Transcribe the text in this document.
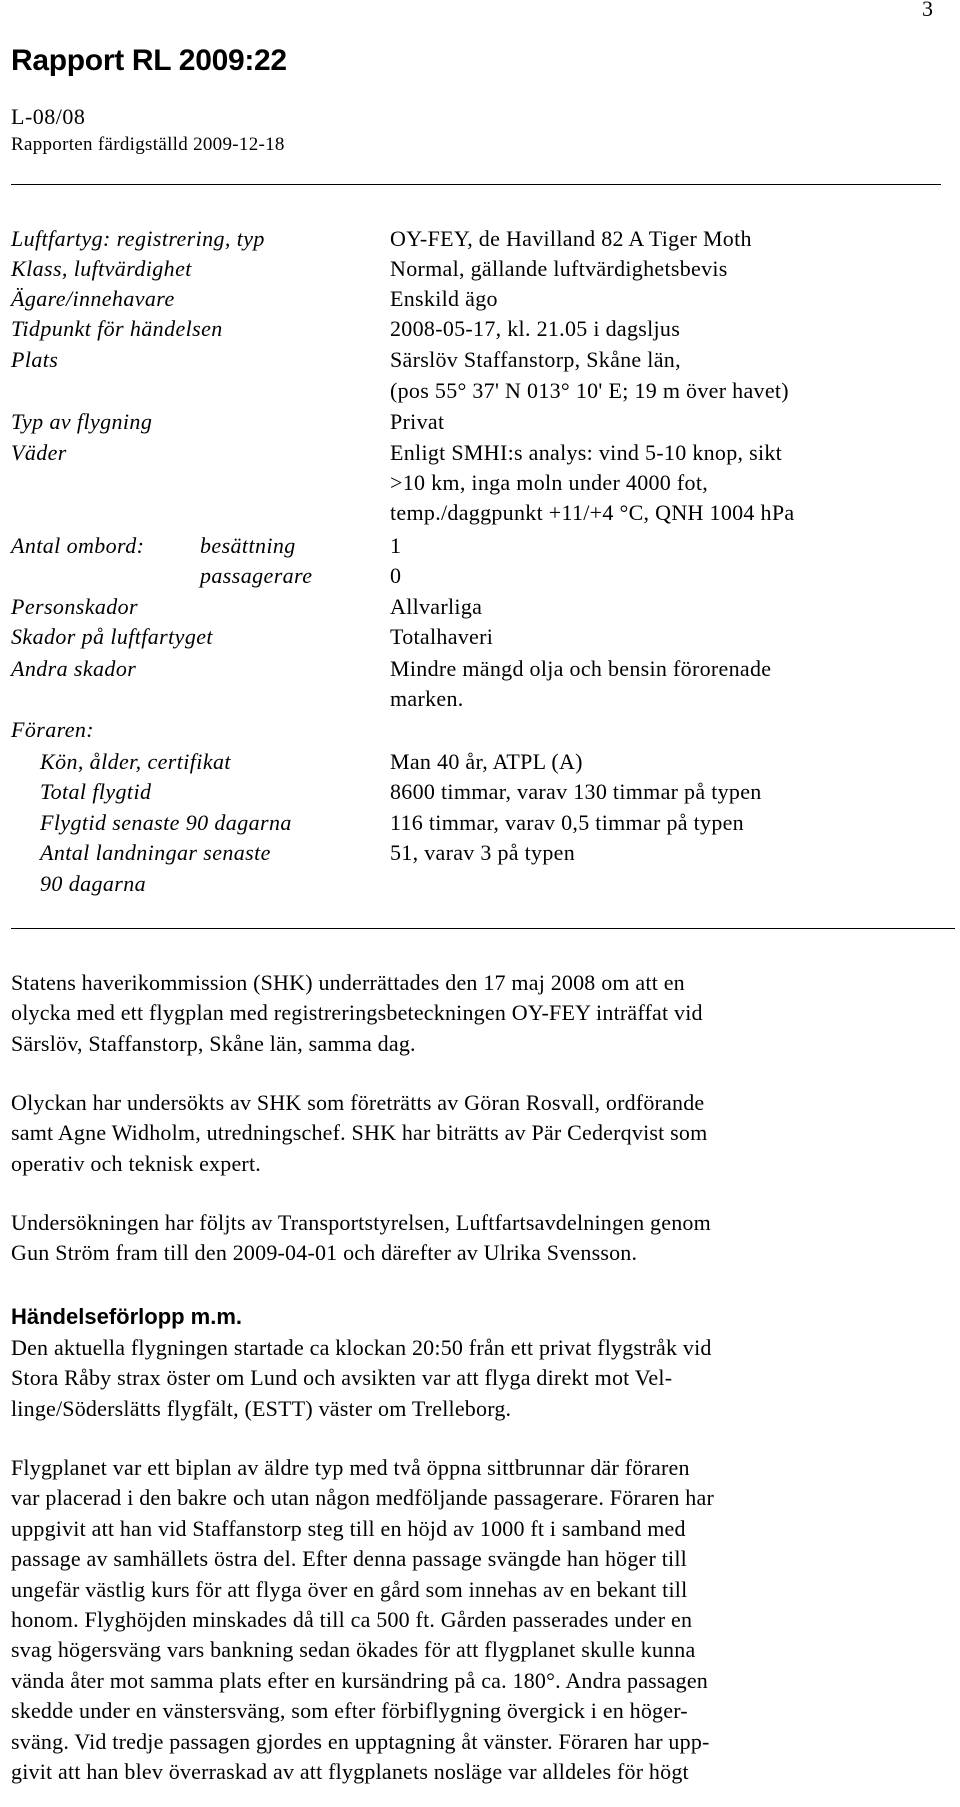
3
Rapport RL 2009:22
L-08/08
Rapporten färdigställd 2009-12-18
Luftfartyg: registrering, typ	OY-FEY, de Havilland 82 A Tiger Moth
Klass, luftvärdighet	Normal, gällande luftvärdighetsbevis
Ägare/innehavare	Enskild ägo
Tidpunkt för händelsen	2008-05-17, kl. 21.05 i dagsljus
Plats	Särslöv Staffanstorp, Skåne län,
(pos 55° 37' N 013° 10' E; 19 m över havet)
Typ av flygning	Privat
Väder	Enligt SMHI:s analys: vind 5-10 knop, sikt
>10 km, inga moln under 4000 fot,
temp./daggpunkt +11/+4 °C, QNH 1004 hPa
Antal ombord:	besättning	1
passagerare	0
Personskador	Allvarliga
Skador på luftfartyget	Totalhaveri
Andra skador	Mindre mängd olja och bensin förorenade
marken.
Föraren:
Kön, ålder, certifikat	Man 40 år, ATPL (A)
Total flygtid	8600 timmar, varav 130 timmar på typen
Flygtid senaste 90 dagarna	116 timmar, varav 0,5 timmar på typen
Antal landningar senaste	51, varav 3 på typen
90 dagarna

Statens haverikommission (SHK) underrättades den 17 maj 2008 om att en
olycka med ett flygplan med registreringsbeteckningen OY-FEY inträffat vid
Särslöv, Staffanstorp, Skåne län, samma dag.

Olyckan har undersökts av SHK som företrätts av Göran Rosvall, ordförande
samt Agne Widholm, utredningschef. SHK har biträtts av Pär Cederqvist som
operativ och teknisk expert.

Undersökningen har följts av Transportstyrelsen, Luftfartsavdelningen genom
Gun Ström fram till den 2009-04-01 och därefter av Ulrika Svensson.

Händelseförlopp m.m.

Den aktuella flygningen startade ca klockan 20:50 från ett privat flygstråk vid
Stora Råby strax öster om Lund och avsikten var att flyga direkt mot Vel-
linge/Söderslätts flygfält, (ESTT) väster om Trelleborg.

Flygplanet var ett biplan av äldre typ med två öppna sittbrunnar där föraren
var placerad i den bakre och utan någon medföljande passagerare. Föraren har
uppgivit att han vid Staffanstorp steg till en höjd av 1000 ft i samband med
passage av samhällets östra del. Efter denna passage svängde han höger till
ungefär västlig kurs för att flyga över en gård som innehas av en bekant till
honom. Flyghöjden minskades då till ca 500 ft. Gården passerades under en
svag högersväng vars bankning sedan ökades för att flygplanet skulle kunna
vända åter mot samma plats efter en kursändring på ca. 180°. Andra passagen
skedde under en vänstersväng, som efter förbiflygning övergick i en höger-
sväng. Vid tredje passagen gjordes en upptagning åt vänster. Föraren har upp-
givit att han blev överraskad av att flygplanets nosläge var alldeles för högt
